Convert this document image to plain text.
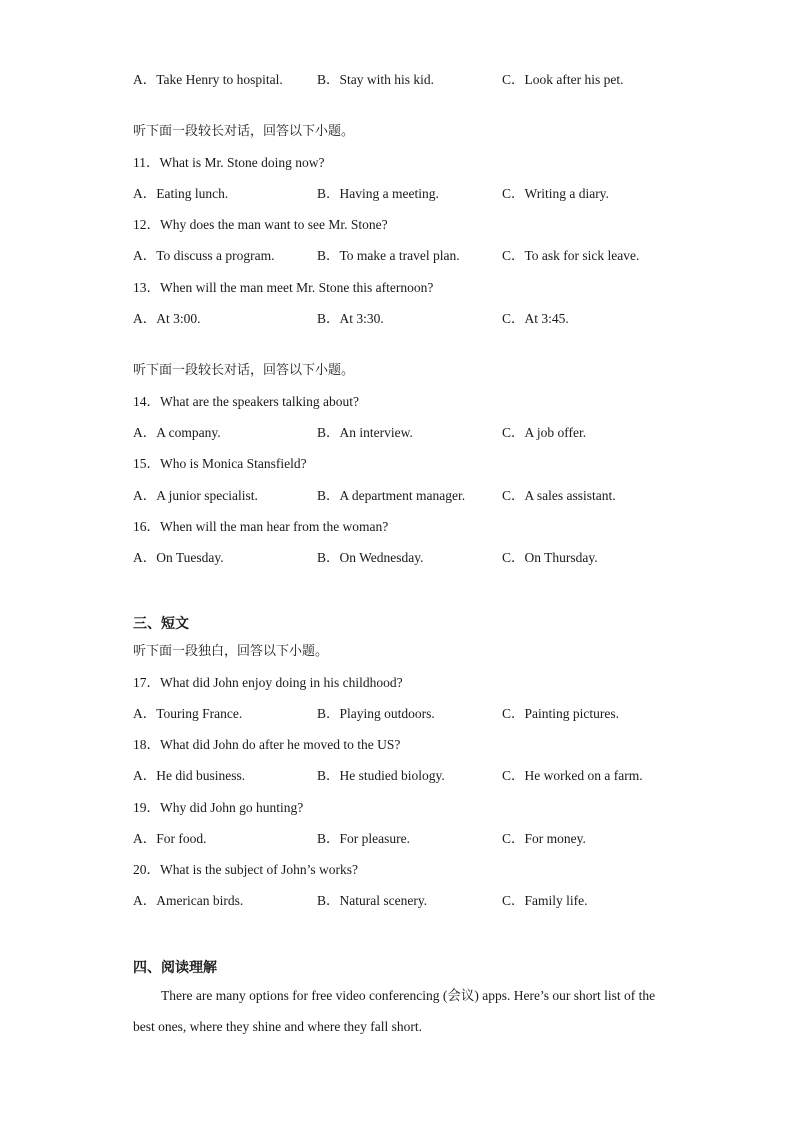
A．Take Henry to hospital.	B．Stay with his kid.	C．Look after his pet.
听下面一段较长对话，回答以下小题。
11．What is Mr. Stone doing now?
A．Eating lunch.	B．Having a meeting.	C．Writing a diary.
12．Why does the man want to see Mr. Stone?
A．To discuss a program.	B．To make a travel plan.	C．To ask for sick leave.
13．When will the man meet Mr. Stone this afternoon?
A．At 3:00.	B．At 3:30.	C．At 3:45.
听下面一段较长对话，回答以下小题。
14．What are the speakers talking about?
A．A company.	B．An interview.	C．A job offer.
15．Who is Monica Stansfield?
A．A junior specialist.	B．A department manager.	C．A sales assistant.
16．When will the man hear from the woman?
A．On Tuesday.	B．On Wednesday.	C．On Thursday.
三、短文
听下面一段独白，回答以下小题。
17．What did John enjoy doing in his childhood?
A．Touring France.	B．Playing outdoors.	C．Painting pictures.
18．What did John do after he moved to the US?
A．He did business.	B．He studied biology.	C．He worked on a farm.
19．Why did John go hunting?
A．For food.	B．For pleasure.	C．For money.
20．What is the subject of John’s works?
A．American birds.	B．Natural scenery.	C．Family life.
四、阅读理解
There are many options for free video conferencing (会议) apps. Here’s our short list of the best ones, where they shine and where they fall short.
